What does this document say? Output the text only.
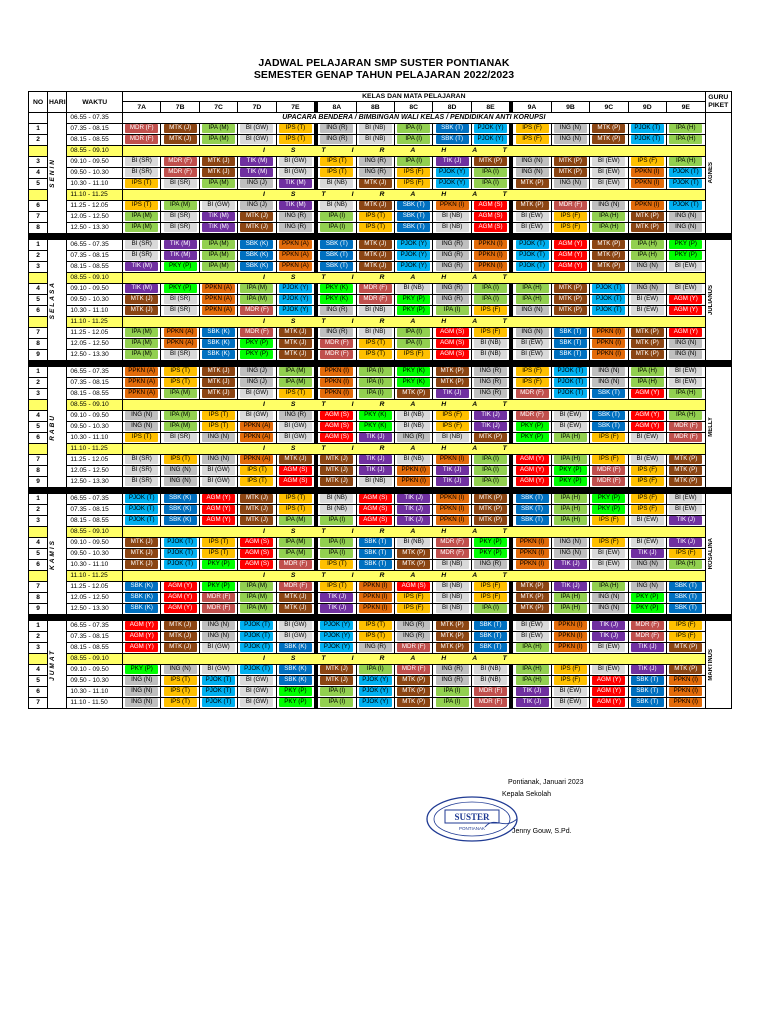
JADWAL PELAJARAN SMP SUSTER PONTIANAK
SEMESTER GENAP TAHUN PELAJARAN 2022/2023
NO	HARI	WAKTU	KELAS DAN MATA PELAJARAN																	GURU PIKET
			7A	7B	7C	7D	7E		8A	8B	8C	8D	8E		9A	9B	9C	9D	9E	

	SENIN	06.55 - 07.35	UPACARA BENDERA / BIMBINGAN WALI KELAS / PENDIDIKAN ANTI KORUPSI																	AGNES

1		07.35 - 08.15	MDR (F)	MTK (J)	IPA (M)	BI (GW)	IPS (T)		ING (R)	BI (NB)	IPA (I)	SBK (T)	PJOK (Y)		IPS (F)	ING (N)	MTK (P)	PJOK (T)	IPA (H)	
2		08.15 - 08.55	MDR (F)	MTK (J)	IPA (M)	BI (GW)	IPS (T)		ING (R)	BI (NB)	IPA (I)	SBK (T)	PJOK (Y)		IPS (F)	ING (N)	MTK (P)	PJOK (T)	IPA (H)	
		08.55 - 09.10	ISTIRAHAT																	
3		09.10 - 09.50	BI (SR)	MDR (F)	MTK (J)	TIK (M)	BI (GW)		IPS (T)	ING (R)	IPA (I)	TIK (J)	MTK (P)		ING (N)	MTK (P)	BI (EW)	IPS (F)	IPA (H)	
4		09.50 - 10.30	BI (SR)	MDR (F)	MTK (J)	TIK (M)	BI (GW)		IPS (T)	ING (R)	IPS (F)	PJOK (Y)	IPA (I)		ING (N)	MTK (P)	BI (EW)	PPKN (I)	PJOK (T)	
5		10.30 - 11.10	IPS (T)	BI (SR)	IPA (M)	ING (J)	TIK (M)		BI (NB)	MTK (J)	IPS (F)	PJOK (Y)	IPA (I)		MTK (P)	ING (N)	BI (EW)	PPKN (I)	PJOK (T)	
		11.10 - 11.25	ISTIRAHAT																	
6		11.25 - 12.05	IPS (T)	IPA (M)	BI (GW)	ING (J)	TIK (M)		BI (NB)	MTK (J)	SBK (T)	PPKN (I)	AGM (S)		MTK (P)	MDR (F)	ING (N)	PPKN (I)	PJOK (T)	
7		12.05 - 12.50	IPA (M)	BI (SR)	TIK (M)	MTK (J)	ING (R)		IPA (I)	IPS (T)	SBK (T)	BI (NB)	AGM (S)		BI (EW)	IPS (F)	IPA (H)	MTK (P)	ING (N)	
8		12.50 - 13.30	IPA (M)	BI (SR)	TIK (M)	MTK (J)	ING (R)		IPA (I)	IPS (T)	SBK (T)	BI (NB)	AGM (S)		BI (EW)	IPS (F)	IPA (H)	MTK (P)	ING (N)	

1	SELASA	06.55 - 07.35	BI (SR)	TIK (M)	IPA (M)	SBK (K)	PPKN (A)		SBK (T)	MTK (J)	PJOK (Y)	ING (R)	PPKN (I)		PJOK (T)	AGM (Y)	MTK (P)	IPA (H)	PKY (P)	JULIANUS

2		07.35 - 08.15	BI (SR)	TIK (M)	IPA (M)	SBK (K)	PPKN (A)		SBK (T)	MTK (J)	PJOK (Y)	ING (R)	PPKN (I)		PJOK (T)	AGM (Y)	MTK (P)	IPA (H)	PKY (P)	
3		08.15 - 08.55	TIK (M)	PKY (P)	IPA (M)	SBK (K)	PPKN (A)		SBK (T)	MTK (J)	PJOK (Y)	ING (R)	PPKN (I)		PJOK (T)	AGM (Y)	MTK (P)	ING (N)	BI (EW)	
		08.55 - 09.10	ISTIRAHAT																	
4		09.10 - 09.50	TIK (M)	PKY (P)	PPKN (A)	IPA (M)	PJOK (Y)		PKY (K)	MDR (F)	BI (NB)	ING (R)	IPA (I)		IPA (H)	MTK (P)	PJOK (T)	ING (N)	BI (EW)	
5		09.50 - 10.30	MTK (J)	BI (SR)	PPKN (A)	IPA (M)	PJOK (Y)		PKY (K)	MDR (F)	PKY (P)	ING (R)	IPA (I)		IPA (H)	MTK (P)	PJOK (T)	BI (EW)	AGM (Y)	
6		10.30 - 11.10	MTK (J)	BI (SR)	PPKN (A)	MDR (F)	PJOK (Y)		ING (R)	BI (NB)	PKY (P)	IPA (I)	IPS (F)		ING (N)	MTK (P)	PJOK (T)	BI (EW)	AGM (Y)	
		11.10 - 11.25	ISTIRAHAT																	
7		11.25 - 12.05	IPA (M)	PPKN (A)	SBK (K)	MDR (F)	MTK (J)		ING (R)	BI (NB)	IPA (I)	AGM (S)	IPS (F)		ING (N)	SBK (T)	PPKN (I)	MTK (P)	AGM (Y)	
8		12.05 - 12.50	IPA (M)	PPKN (A)	SBK (K)	PKY (P)	MTK (J)		MDR (F)	IPS (T)	IPA (I)	AGM (S)	BI (NB)		BI (EW)	SBK (T)	PPKN (I)	MTK (P)	ING (N)	
9		12.50 - 13.30	IPA (M)	BI (SR)	SBK (K)	PKY (P)	MTK (J)		MDR (F)	IPS (T)	IPS (F)	AGM (S)	BI (NB)		BI (EW)	SBK (T)	PPKN (I)	MTK (P)	ING (N)	

1	RABU	06.55 - 07.35	PPKN (A)	IPS (T)	MTK (J)	ING (J)	IPA (M)		PPKN (I)	IPA (I)	PKY (K)	MTK (P)	ING (R)		IPS (F)	PJOK (T)	ING (N)	IPA (H)	BI (EW)	MELLY

2		07.35 - 08.15	PPKN (A)	IPS (T)	MTK (J)	ING (J)	IPA (M)		PPKN (I)	IPA (I)	PKY (K)	MTK (P)	ING (R)		IPS (F)	PJOK (T)	ING (N)	IPA (H)	BI (EW)	
3		08.15 - 08.55	PPKN (A)	IPA (M)	MTK (J)	BI (GW)	IPS (T)		PPKN (I)	IPA (I)	MTK (P)	TIK (J)	ING (R)		MDR (F)	PJOK (T)	SBK (T)	AGM (Y)	IPA (H)	
		08.55 - 09.10	ISTIRAHAT																	
4		09.10 - 09.50	ING (N)	IPA (M)	IPS (T)	BI (GW)	ING (R)		AGM (S)	PKY (K)	BI (NB)	IPS (F)	TIK (J)		MDR (F)	BI (EW)	SBK (T)	AGM (Y)	IPA (H)	
5		09.50 - 10.30	ING (N)	IPA (M)	IPS (T)	PPKN (A)	BI (GW)		AGM (S)	PKY (K)	BI (NB)	IPS (F)	TIK (J)		PKY (P)	BI (EW)	SBK (T)	AGM (Y)	MDR (F)	
6		10.30 - 11.10	IPS (T)	BI (SR)	ING (N)	PPKN (A)	BI (GW)		AGM (S)	TIK (J)	ING (R)	BI (NB)	MTK (P)		PKY (P)	IPA (H)	IPS (F)	BI (EW)	MDR (F)	
		11.10 - 11.25	ISTIRAHAT																	
7		11.25 - 12.05	BI (SR)	IPS (T)	ING (N)	PPKN (A)	MTK (J)		MTK (J)	TIK (J)	BI (NB)	PPKN (I)	IPA (I)		AGM (Y)	IPA (H)	IPS (F)	BI (EW)	MTK (P)	
8		12.05 - 12.50	BI (SR)	ING (N)	BI (GW)	IPS (T)	AGM (S)		MTK (J)	TIK (J)	PPKN (I)	TIK (J)	IPA (I)		AGM (Y)	PKY (P)	MDR (F)	IPS (F)	MTK (P)	
9		12.50 - 13.30	BI (SR)	ING (N)	BI (GW)	IPS (T)	AGM (S)		MTK (J)	BI (NB)	PPKN (I)	TIK (J)	IPA (I)		AGM (Y)	PKY (P)	MDR (F)	IPS (F)	MTK (P)	

1	KAMIS	06.55 - 07.35	PJOK (T)	SBK (K)	AGM (Y)	MTK (J)	IPS (T)		BI (NB)	AGM (S)	TIK (J)	PPKN (I)	MTK (P)		SBK (T)	IPA (H)	PKY (P)	IPS (F)	BI (EW)	ROSALINA

2		07.35 - 08.15	PJOK (T)	SBK (K)	AGM (Y)	MTK (J)	IPS (T)		BI (NB)	AGM (S)	TIK (J)	PPKN (I)	MTK (P)		SBK (T)	IPA (H)	PKY (P)	IPS (F)	BI (EW)	
3		08.15 - 08.55	PJOK (T)	SBK (K)	AGM (Y)	MTK (J)	IPA (M)		IPA (I)	AGM (S)	TIK (J)	PPKN (I)	MTK (P)		SBK (T)	IPA (H)	IPS (F)	BI (EW)	TIK (J)	
		08.55 - 09.10	ISTIRAHAT																	
4		09.10 - 09.50	MTK (J)	PJOK (T)	IPS (T)	AGM (S)	IPA (M)		IPA (I)	SBK (T)	BI (NB)	MDR (F)	PKY (P)		PPKN (I)	ING (N)	IPS (F)	BI (EW)	TIK (J)	
5		09.50 - 10.30	MTK (J)	PJOK (T)	IPS (T)	AGM (S)	IPA (M)		IPA (I)	SBK (T)	MTK (P)	MDR (F)	PKY (P)		PPKN (I)	ING (N)	BI (EW)	TIK (J)	IPS (F)	
6		10.30 - 11.10	MTK (J)	PJOK (T)	PKY (P)	AGM (S)	MDR (F)		IPS (T)	SBK (T)	MTK (P)	BI (NB)	ING (R)		PPKN (I)	TIK (J)	BI (EW)	ING (N)	IPA (H)	
		11.10 - 11.25	ISTIRAHAT																	
7		11.25 - 12.05	SBK (K)	AGM (Y)	PKY (P)	IPA (M)	MDR (F)		IPS (T)	PPKN (I)	AGM (S)	BI (NB)	IPS (F)		MTK (P)	TIK (J)	IPA (H)	ING (N)	SBK (T)	
8		12.05 - 12.50	SBK (K)	AGM (Y)	MDR (F)	IPA (M)	MTK (J)		TIK (J)	PPKN (I)	IPS (F)	BI (NB)	IPS (F)		MTK (P)	IPA (H)	ING (N)	PKY (P)	SBK (T)	
9		12.50 - 13.30	SBK (K)	AGM (Y)	MDR (F)	IPA (M)	MTK (J)		TIK (J)	PPKN (I)	IPS (F)	BI (NB)	IPA (I)		MTK (P)	IPA (H)	ING (N)	PKY (P)	SBK (T)	

1	JUMAT	06.55 - 07.35	AGM (Y)	MTK (J)	ING (N)	PJOK (T)	BI (GW)		PJOK (Y)	IPS (T)	ING (R)	MTK (P)	SBK (T)		BI (EW)	PPKN (I)	TIK (J)	MDR (F)	IPS (F)	MARTINUS

2		07.35 - 08.15	AGM (Y)	MTK (J)	ING (N)	PJOK (T)	BI (GW)		PJOK (Y)	IPS (T)	ING (R)	MTK (P)	SBK (T)		BI (EW)	PPKN (I)	TIK (J)	MDR (F)	IPS (F)	
3		08.15 - 08.55	AGM (Y)	MTK (J)	BI (GW)	PJOK (T)	SBK (K)		PJOK (Y)	ING (R)	MDR (F)	MTK (P)	SBK (T)		IPA (H)	PPKN (I)	BI (EW)	TIK (J)	MTK (P)	
		08.55 - 09.10	ISTIRAHAT																	
4		09.10 - 09.50	PKY (P)	ING (N)	BI (GW)	PJOK (T)	SBK (K)		MTK (J)	IPA (I)	MDR (F)	ING (R)	BI (NB)		IPA (H)	IPS (F)	BI (EW)	TIK (J)	MTK (P)	
5		09.50 - 10.30	ING (N)	IPS (T)	PJOK (T)	BI (GW)	SBK (K)		MTK (J)	PJOK (Y)	MTK (P)	ING (R)	BI (NB)		IPA (H)	IPS (F)	AGM (Y)	SBK (T)	PPKN (I)	
6		10.30 - 11.10	ING (N)	IPS (T)	PJOK (T)	BI (GW)	PKY (P)		IPA (I)	PJOK (Y)	MTK (P)	IPA (I)	MDR (F)		TIK (J)	BI (EW)	AGM (Y)	SBK (T)	PPKN (I)	
7		11.10 - 11.50	ING (N)	IPS (T)	PJOK (T)	BI (GW)	PKY (P)		IPA (I)	PJOK (Y)	MTK (P)	IPA (I)	MDR (F)		TIK (J)	BI (EW)	AGM (Y)	SBK (T)	PPKN (I)	
Pontianak, Januari 2023
Kepala Sekolah
SUSTER
PONTIANAK	Jenny Gouw, S.Pd.
